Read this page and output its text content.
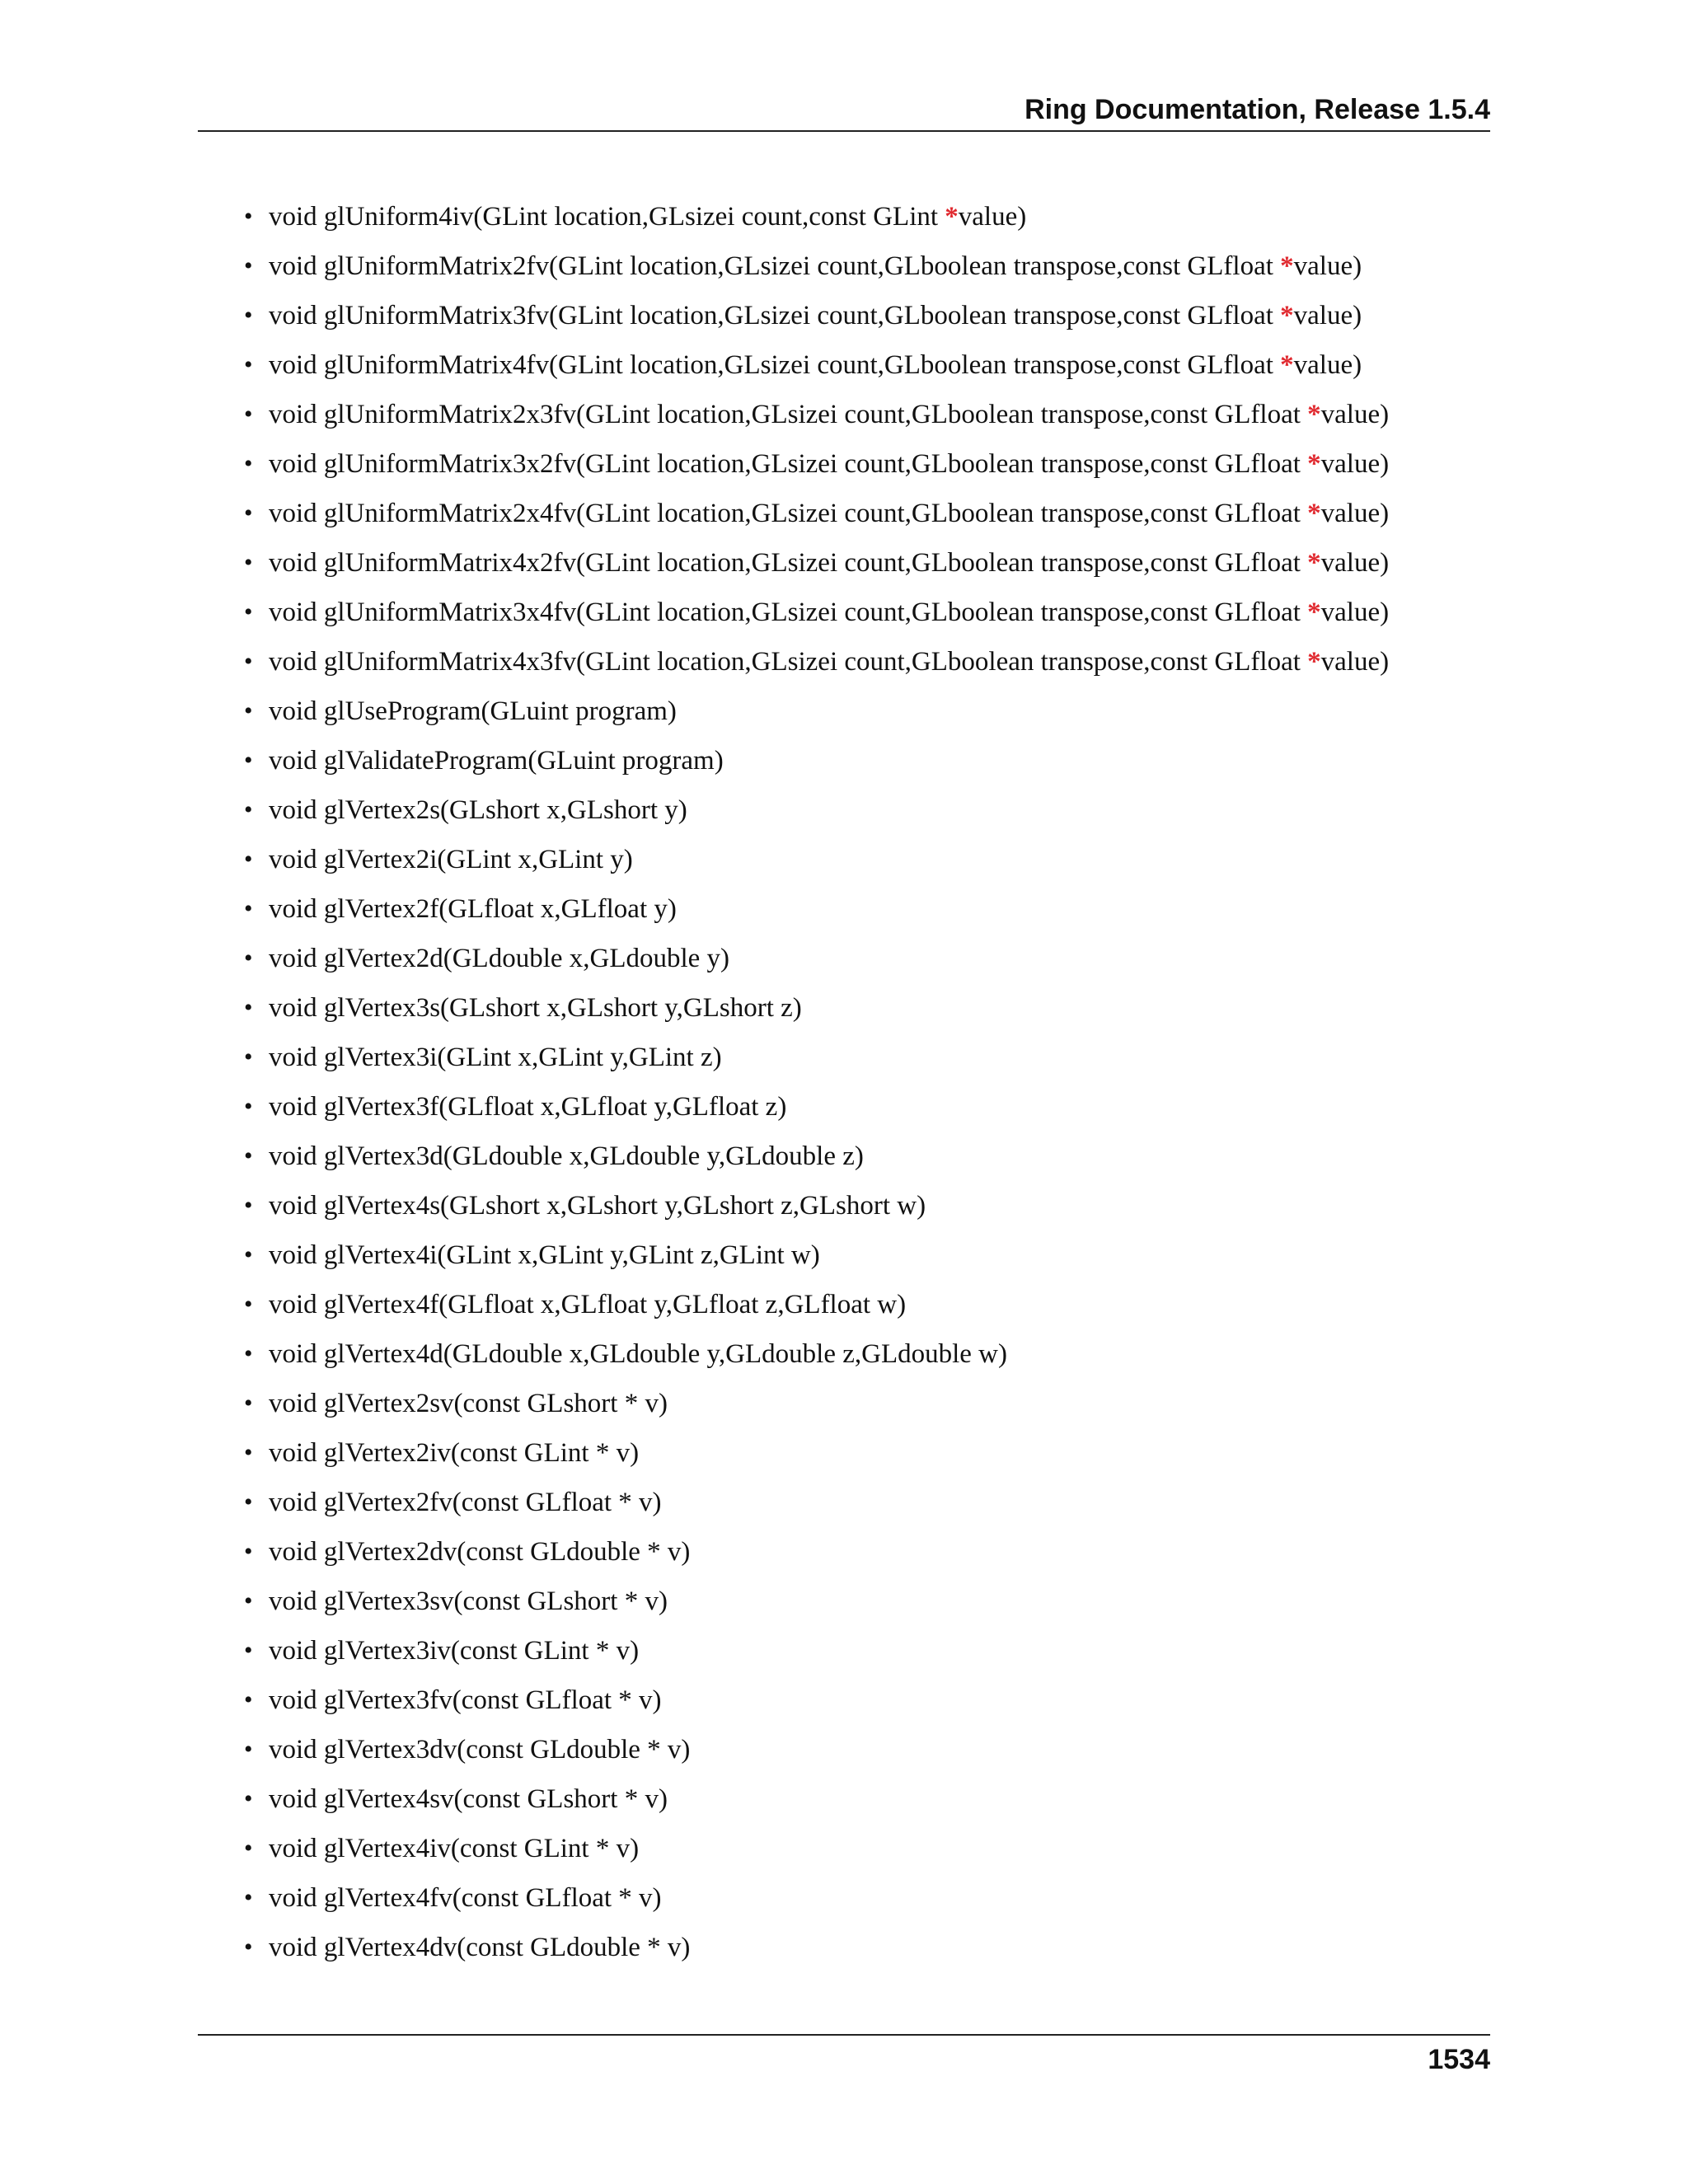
Ring Documentation, Release 1.5.4
• void glUniform4iv(GLint location,GLsizei count,const GLint *value)
• void glUniformMatrix2fv(GLint location,GLsizei count,GLboolean transpose,const GLfloat *value)
• void glUniformMatrix3fv(GLint location,GLsizei count,GLboolean transpose,const GLfloat *value)
• void glUniformMatrix4fv(GLint location,GLsizei count,GLboolean transpose,const GLfloat *value)
• void glUniformMatrix2x3fv(GLint location,GLsizei count,GLboolean transpose,const GLfloat *value)
• void glUniformMatrix3x2fv(GLint location,GLsizei count,GLboolean transpose,const GLfloat *value)
• void glUniformMatrix2x4fv(GLint location,GLsizei count,GLboolean transpose,const GLfloat *value)
• void glUniformMatrix4x2fv(GLint location,GLsizei count,GLboolean transpose,const GLfloat *value)
• void glUniformMatrix3x4fv(GLint location,GLsizei count,GLboolean transpose,const GLfloat *value)
• void glUniformMatrix4x3fv(GLint location,GLsizei count,GLboolean transpose,const GLfloat *value)
• void glUseProgram(GLuint program)
• void glValidateProgram(GLuint program)
• void glVertex2s(GLshort x,GLshort y)
• void glVertex2i(GLint x,GLint y)
• void glVertex2f(GLfloat x,GLfloat y)
• void glVertex2d(GLdouble x,GLdouble y)
• void glVertex3s(GLshort x,GLshort y,GLshort z)
• void glVertex3i(GLint x,GLint y,GLint z)
• void glVertex3f(GLfloat x,GLfloat y,GLfloat z)
• void glVertex3d(GLdouble x,GLdouble y,GLdouble z)
• void glVertex4s(GLshort x,GLshort y,GLshort z,GLshort w)
• void glVertex4i(GLint x,GLint y,GLint z,GLint w)
• void glVertex4f(GLfloat x,GLfloat y,GLfloat z,GLfloat w)
• void glVertex4d(GLdouble x,GLdouble y,GLdouble z,GLdouble w)
• void glVertex2sv(const GLshort * v)
• void glVertex2iv(const GLint * v)
• void glVertex2fv(const GLfloat * v)
• void glVertex2dv(const GLdouble * v)
• void glVertex3sv(const GLshort * v)
• void glVertex3iv(const GLint * v)
• void glVertex3fv(const GLfloat * v)
• void glVertex3dv(const GLdouble * v)
• void glVertex4sv(const GLshort * v)
• void glVertex4iv(const GLint * v)
• void glVertex4fv(const GLfloat * v)
• void glVertex4dv(const GLdouble * v)
1534
